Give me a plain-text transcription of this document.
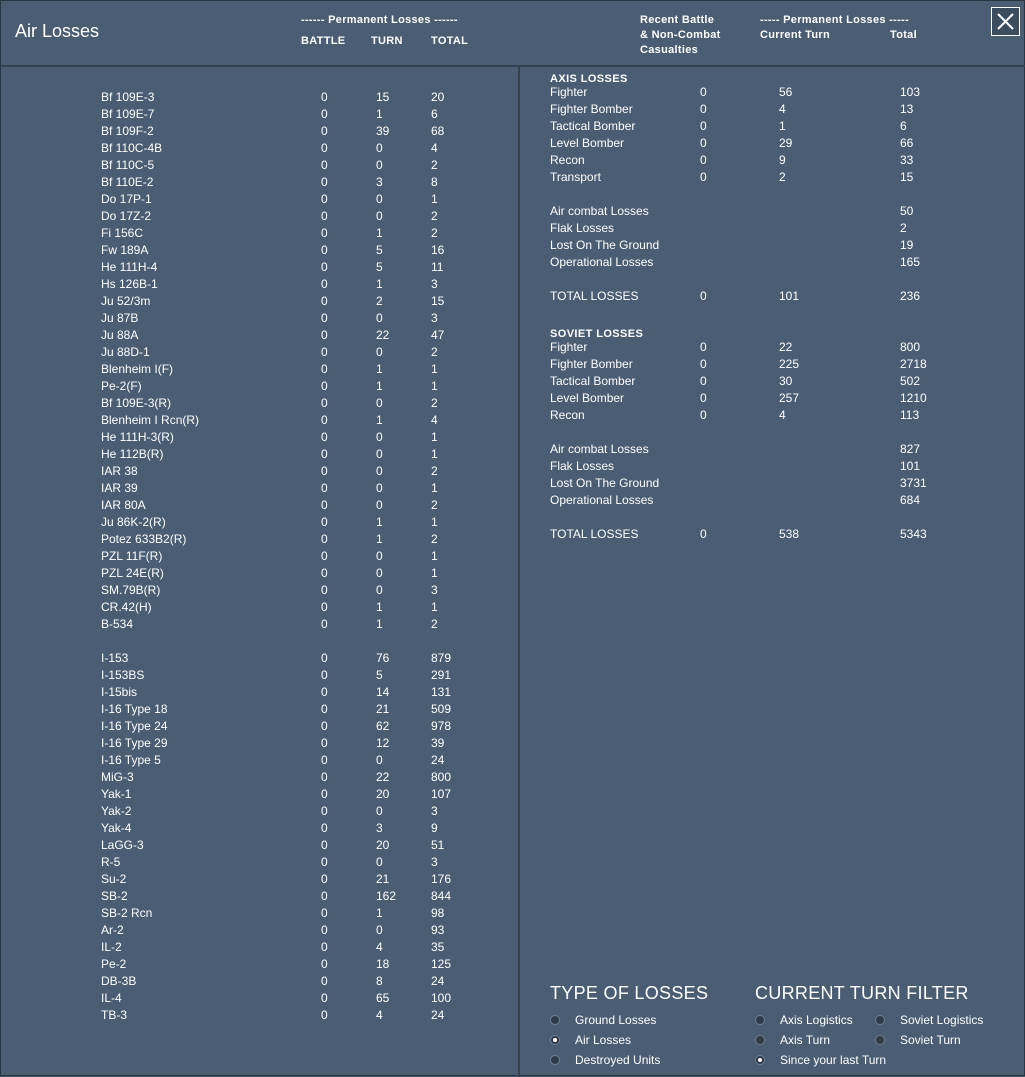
Air Losses
------ Permanent Losses ------
BATTLE TURN	TOTAL
Recent Battle
& Non-Combat
Casualties
----- Permanent Losses -----
Current Turn	Total
Bf 109E-3	0	15	20
Bf 109E-7	0	1	6
Bf 109F-2	0	39	68
Bf 110C-4B	0	0	4
Bf 110C-5	0	0	2
Bf 110E-2	0	3	8
Do 17P-1	0	0	1
Do 17Z-2	0	0	2
Fi 156C	0	1	2
Fw 189A	0	5	16
He 111H-4	0	5	11
Hs 126B-1	0	1	3
Ju 52/3m	0	2	15
Ju 87B	0	0	3
Ju 88A	0	22	47
Ju 88D-1	0	0	2
Blenheim I(F)	0	1	1
Pe-2(F)	0	1	1
Bf 109E-3(R)	0	0	2
Blenheim I Rcn(R)	0	1	4
He 111H-3(R)	0	0	1
He 112B(R)	0	0	1
IAR 38	0	0	2
IAR 39	0	0	1
IAR 80A	0	0	2
Ju 86K-2(R)	0	1	1
Potez 633B2(R)	0	1	2
PZL 11F(R)	0	0	1
PZL 24E(R)	0	0	1
SM.79B(R)	0	0	3
CR.42(H)	0	1	1
B-534	0	1	2
I-153	0	76	879
I-153BS	0	5	291
I-15bis	0	14	131
I-16 Type 18	0	21	509
I-16 Type 24	0	62	978
I-16 Type 29	0	12	39
I-16 Type 5	0	0	24
MiG-3	0	22	800
Yak-1	0	20	107
Yak-2	0	0	3
Yak-4	0	3	9
LaGG-3	0	20	51
R-5	0	0	3
Su-2	0	21	176
SB-2	0	162	844
SB-2 Rcn	0	1	98
Ar-2	0	0	93
IL-2	0	4	35
Pe-2	0	18	125
DB-3B	0	8	24
IL-4	0	65	100
TB-3	0	4	24
AXIS LOSSES
Fighter	0	56	103
Fighter Bomber	0	4	13
Tactical Bomber	0	1	6
Level Bomber	0	29	66
Recon	0	9	33
Transport	0	2	15
Air combat Losses	50
Flak Losses	2
Lost On The Ground	19
Operational Losses	165
TOTAL LOSSES	0	101	236
SOVIET LOSSES
Fighter	0	22	800
Fighter Bomber	0	225	2718
Tactical Bomber	0	30	502
Level Bomber	0	257	1210
Recon	0	4	113
Air combat Losses	827
Flak Losses	101
Lost On The Ground	3731
Operational Losses	684
TOTAL LOSSES	0	538	5343
TYPE OF LOSSES
Ground Losses
Air Losses
Destroyed Units
CURRENT TURN FILTER
Axis Logistics	Soviet Logistics
Axis Turn	Soviet Turn
Since your last Turn
